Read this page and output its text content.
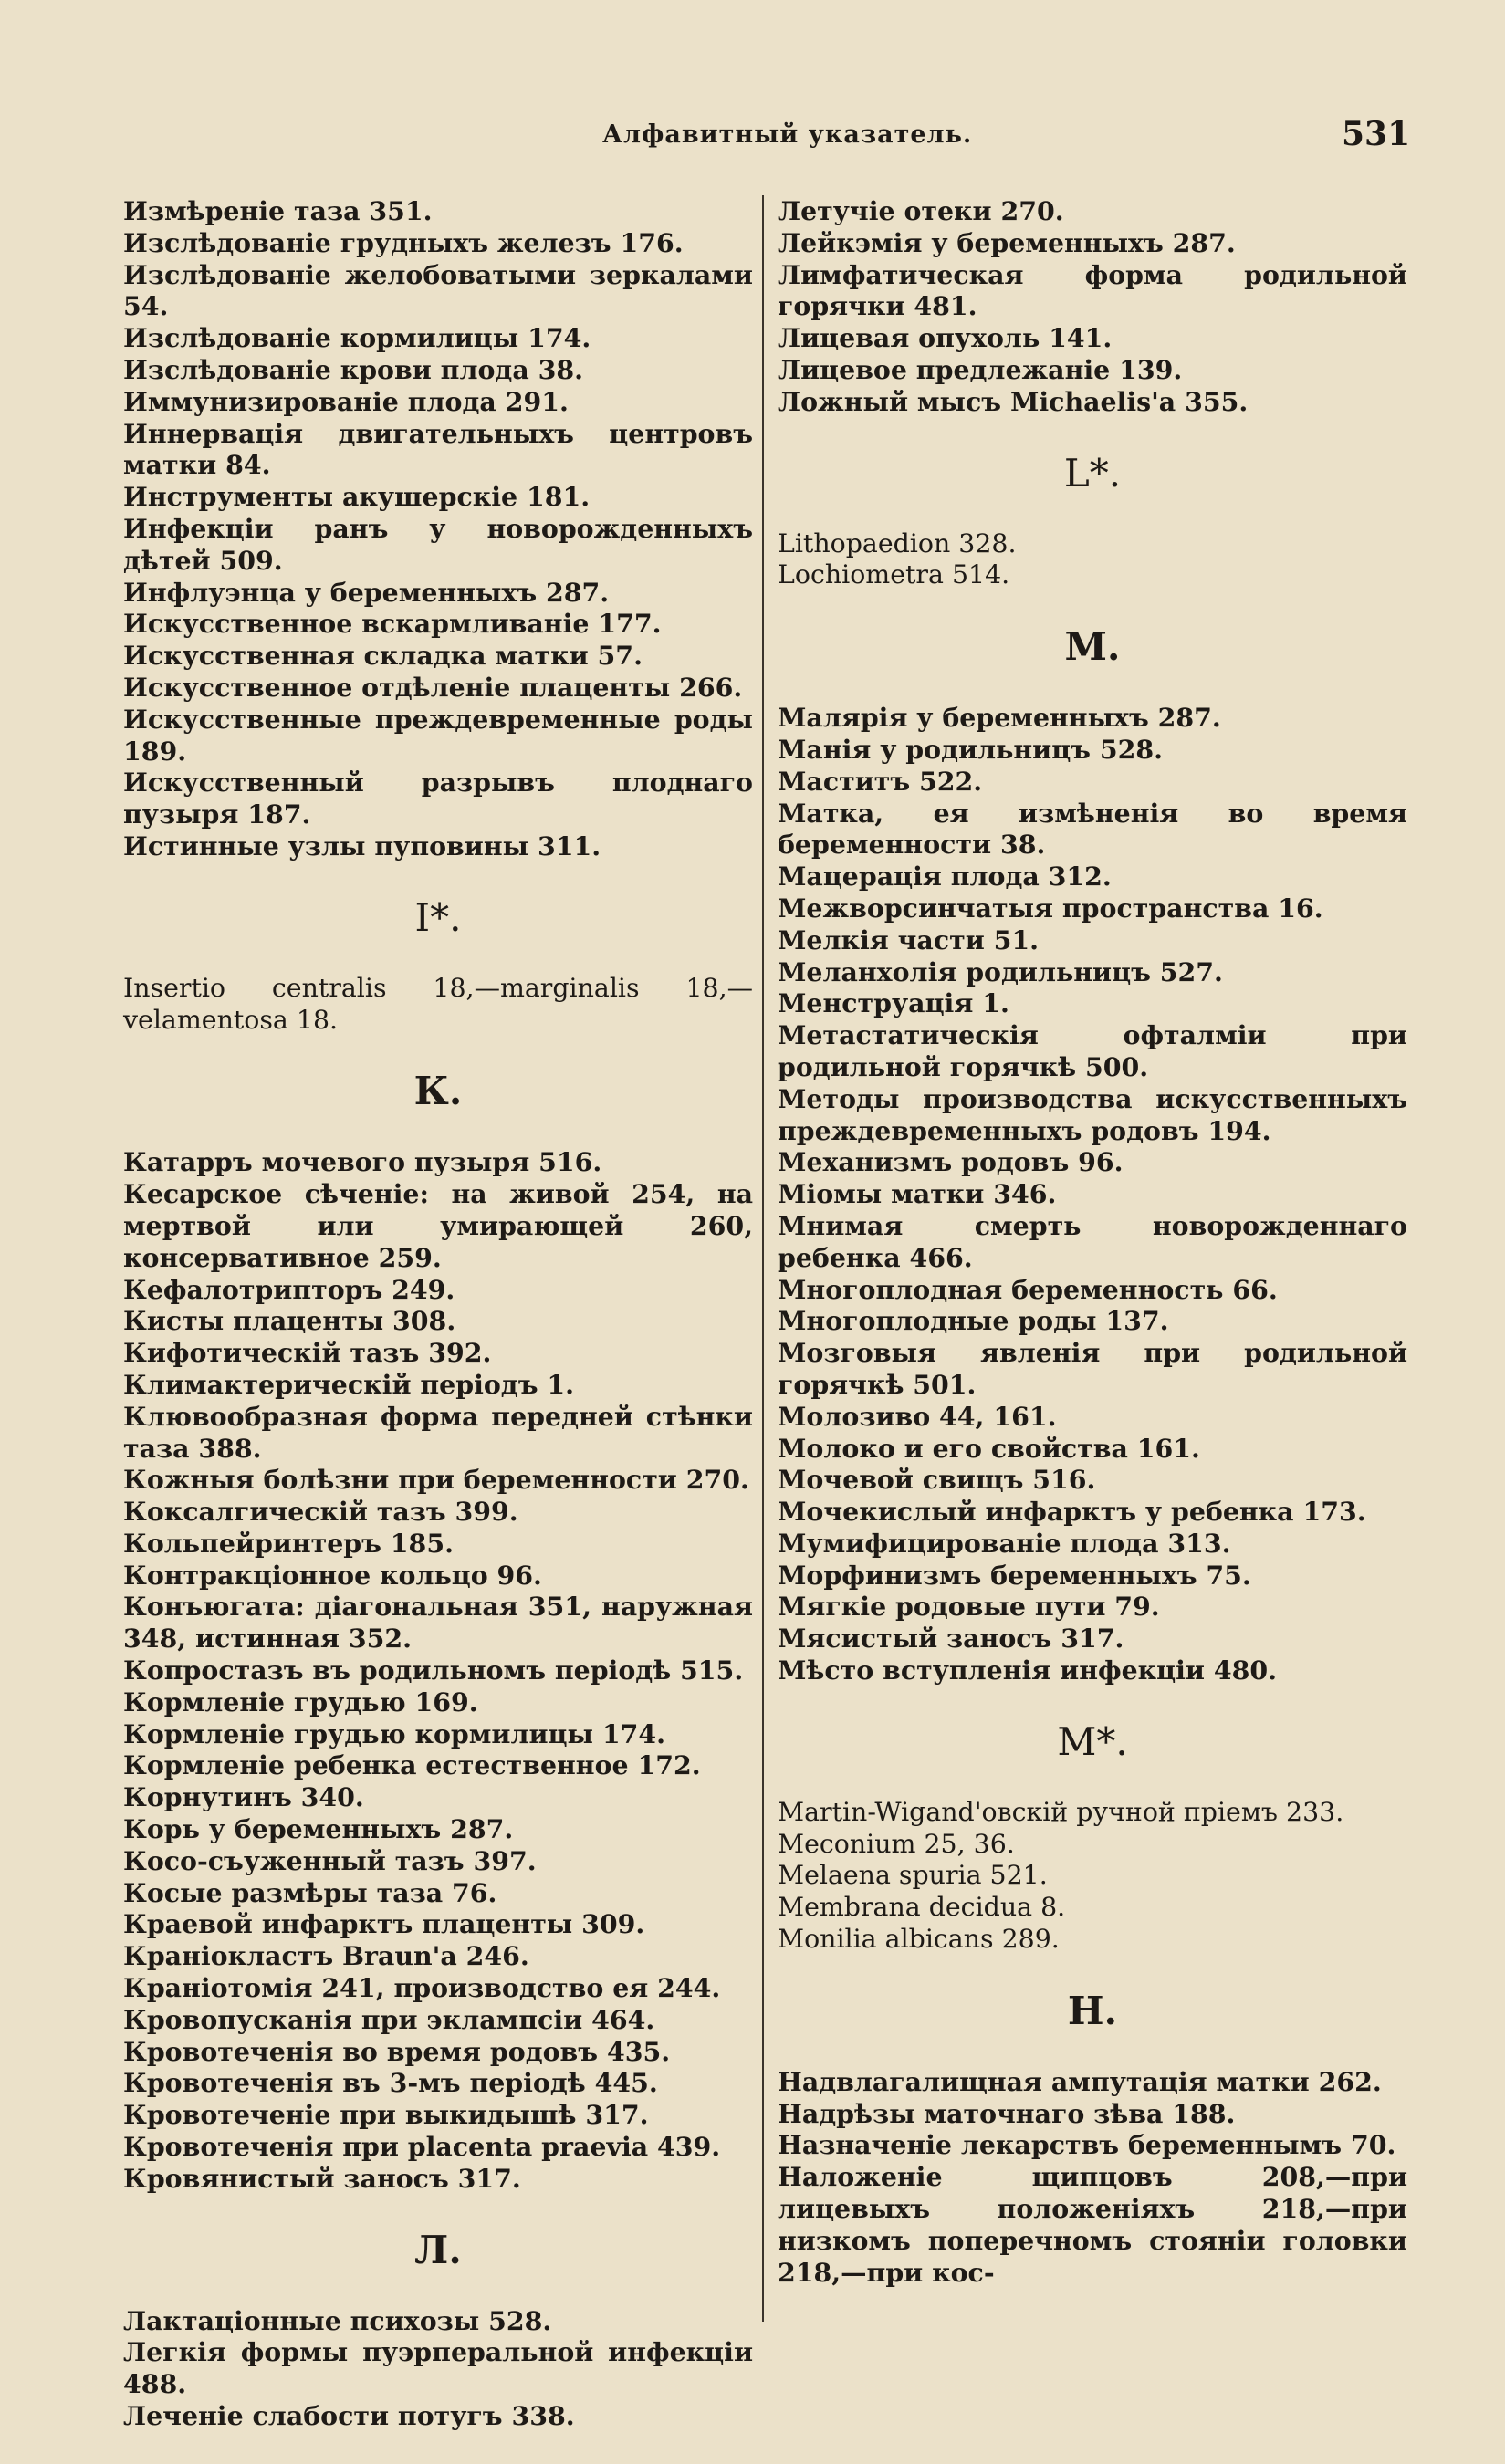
Алфавитный указатель.	531
Измѣреніе таза 351.
Изслѣдованіе грудныхъ железъ 176.
Изслѣдованіе желобоватыми зеркалами 54.
Изслѣдованіе кормилицы 174.
Изслѣдованіе крови плода 38.
Иммунизированіе плода 291.
Иннервація двигательныхъ центровъ матки 84.
Инструменты акушерскіе 181.
Инфекціи ранъ у новорожденныхъ дѣтей 509.
Инфлуэнца у беременныхъ 287.
Искусственное вскармливаніе 177.
Искусственная складка матки 57.
Искусственное отдѣленіе плаценты 266.
Искусственные преждевременные роды 189.
Искусственный разрывъ плоднаго пузыря 187.
Истинные узлы пуповины 311.
I*.
Insertio centralis 18,—marginalis 18,—velamentosa 18.
К.
Катарръ мочевого пузыря 516.
Кесарское сѣченіе: на живой 254, на мертвой или умирающей 260, консервативное 259.
Кефалотрипторъ 249.
Кисты плаценты 308.
Кифотическій тазъ 392.
Климактерическій періодъ 1.
Клювообразная форма передней стѣнки таза 388.
Кожныя болѣзни при беременности 270.
Коксалгическій тазъ 399.
Кольпейринтеръ 185.
Контракціонное кольцо 96.
Конъюгата: діагональная 351, наружная 348, истинная 352.
Копростазъ въ родильномъ періодѣ 515.
Кормленіе грудью 169.
Кормленіе грудью кормилицы 174.
Кормленіе ребенка естественное 172.
Корнутинъ 340.
Корь у беременныхъ 287.
Косо-съуженный тазъ 397.
Косые размѣры таза 76.
Краевой инфарктъ плаценты 309.
Краніокластъ Braun'a 246.
Краніотомія 241, производство ея 244.
Кровопусканія при эклампсіи 464.
Кровотеченія во время родовъ 435.
Кровотеченія въ 3-мъ періодѣ 445.
Кровотеченіе при выкидышѣ 317.
Кровотеченія при placenta praevia 439.
Кровянистый заносъ 317.
Л.
Лактаціонные психозы 528.
Легкія формы пуэрперальной инфекціи 488.
Леченіе слабости потугъ 338.
Летучіе отеки 270.
Лейкэмія у беременныхъ 287.
Лимфатическая форма родильной горячки 481.
Лицевая опухоль 141.
Лицевое предлежаніе 139.
Ложный мысъ Michaelis'a 355.
L*.
Lithopaedion 328.
Lochiometra 514.
М.
Малярія у беременныхъ 287.
Манія у родильницъ 528.
Маститъ 522.
Матка, ея измѣненія во время беременности 38.
Мацерація плода 312.
Межворсинчатыя пространства 16.
Мелкія части 51.
Меланхолія родильницъ 527.
Менструація 1.
Метастатическія офталміи при родильной горячкѣ 500.
Методы производства искусственныхъ преждевременныхъ родовъ 194.
Механизмъ родовъ 96.
Міомы матки 346.
Мнимая смерть новорожденнаго ребенка 466.
Многоплодная беременность 66.
Многоплодные роды 137.
Мозговыя явленія при родильной горячкѣ 501.
Молозиво 44, 161.
Молоко и его свойства 161.
Мочевой свищъ 516.
Мочекислый инфарктъ у ребенка 173.
Мумифицированіе плода 313.
Морфинизмъ беременныхъ 75.
Мягкіе родовые пути 79.
Мясистый заносъ 317.
Мѣсто вступленія инфекціи 480.
M*.
Martin-Wigand'овскій ручной пріемъ 233.
Meconium 25, 36.
Melaena spuria 521.
Membrana decidua 8.
Monilia albicans 289.
Н.
Надвлагалищная ампутація матки 262.
Надрѣзы маточнаго зѣва 188.
Назначеніе лекарствъ беременнымъ 70.
Наложеніе щипцовъ 208,—при лицевыхъ положеніяхъ 218,—при низкомъ поперечномъ стояніи головки 218,—при кос-
